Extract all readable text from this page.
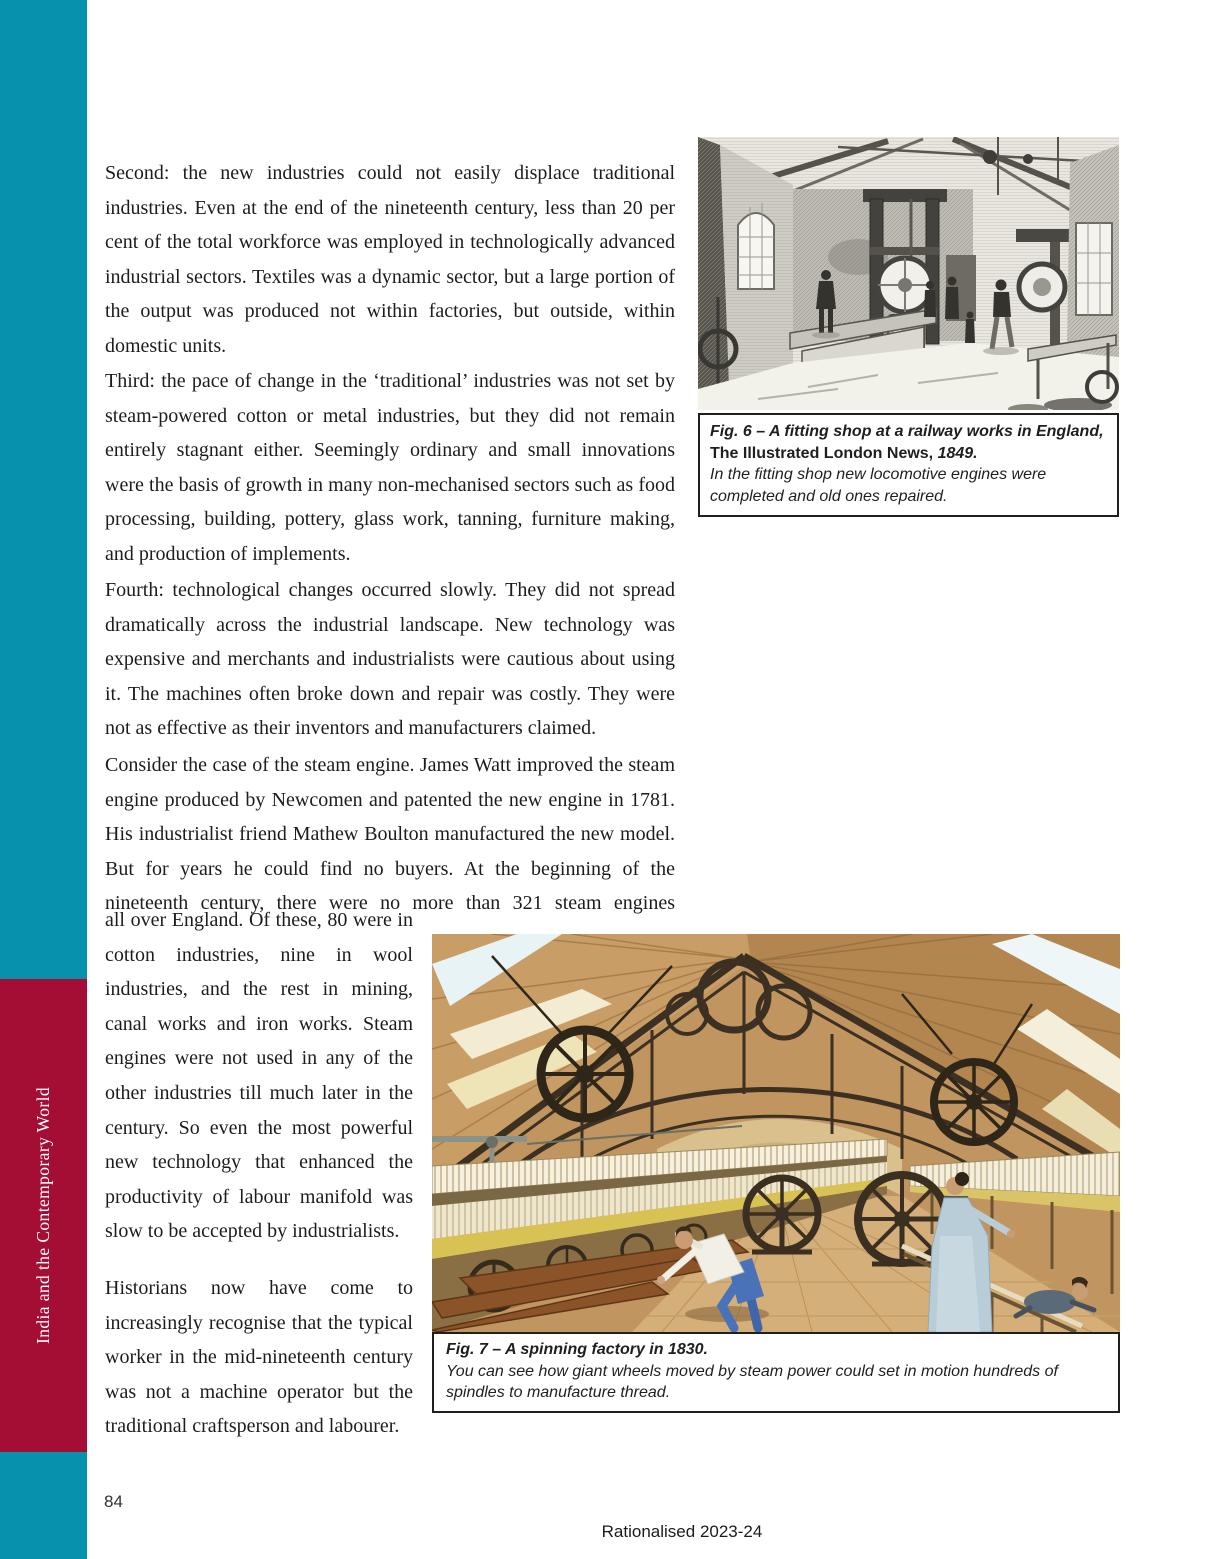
India and the Contemporary World

Second: the new industries could not easily displace traditional industries. Even at the end of the nineteenth century, less than 20 per cent of the total workforce was employed in technologically advanced industrial sectors. Textiles was a dynamic sector, but a large portion of the output was produced not within factories, but outside, within domestic units.

Third: the pace of change in the ‘traditional’ industries was not set by steam-powered cotton or metal industries, but they did not remain entirely stagnant either. Seemingly ordinary and small innovations were the basis of growth in many non-mechanised sectors such as food processing, building, pottery, glass work, tanning, furniture making, and production of implements.

Fourth: technological changes occurred slowly. They did not spread dramatically across the industrial landscape. New technology was expensive and merchants and industrialists were cautious about using it. The machines often broke down and repair was costly. They were not as effective as their inventors and manufacturers claimed.

Consider the case of the steam engine. James Watt improved the steam engine produced by Newcomen and patented the new engine in 1781. His industrialist friend Mathew Boulton manufactured the new model. But for years he could find no buyers. At the beginning of the nineteenth century, there were no more than 321 steam engines

all over England. Of these, 80 were in cotton industries, nine in wool industries, and the rest in mining, canal works and iron works. Steam engines were not used in any of the other industries till much later in the century. So even the most powerful new technology that enhanced the productivity of labour manifold was slow to be accepted by industrialists.

Historians now have come to increasingly recognise that the typical worker in the mid-nineteenth century was not a machine operator but the traditional craftsperson and labourer.

Fig. 6 – A fitting shop at a railway works in England, The Illustrated London News, 1849.
In the fitting shop new locomotive engines were completed and old ones repaired.
Fig. 7 – A spinning factory in 1830.
You can see how giant wheels moved by steam power could set in motion hundreds of spindles to manufacture thread.
84
Rationalised 2023-24
